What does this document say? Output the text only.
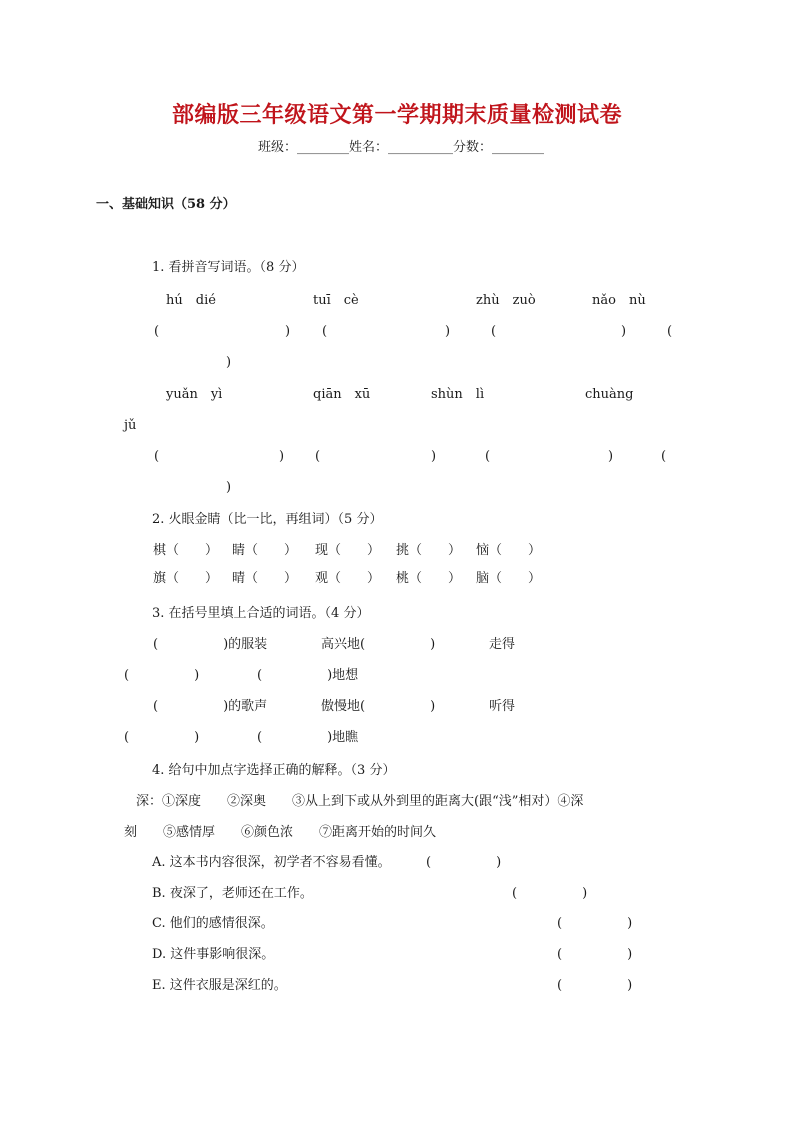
部编版三年级语文第一学期期末质量检测试卷
班级：________姓名：__________分数：________
一、基础知识（58 分）
1. 看拼音写词语。（8 分）
hú　dié	tuī　cè	zhù　zuò	nǎo　nù
(	) (	)	(	)	(
)
yuǎn　yì	qiān　xū	shùn　lì	chuàng
jǔ
(	) (	)	(	)	(
)
2. 火眼金睛（比一比，再组词）（5 分）
棋（　　） 睛（　　） 现（　　） 挑（　　） 恼（　　）
旗（　　） 晴（　　） 观（　　） 桃（　　） 脑（　　）
3. 在括号里填上合适的词语。（4 分）
(　　　　　)的服装	高兴地(　　　　　)	走得
(　　　　　)	(　　　　　)地想
(　　　　　)的歌声	傲慢地(　　　　　)	听得
(　　　　　)	(　　　　　)地瞧
4. 给句中加点字选择正确的解释。（3 分）
深：①深度　　②深奥　　③从上到下或从外到里的距离大(跟“浅”相对）④深
刻　　⑤感情厚　　⑥颜色浓　　⑦距离开始的时间久
A. 这本书内容很深，初学者不容易看懂。	(　　　　　)
B. 夜深了，老师还在工作。	(　　　　　)
C. 他们的感情很深。	(　　　　　)
D. 这件事影响很深。	(　　　　　)
E. 这件衣服是深红的。	(　　　　　)
